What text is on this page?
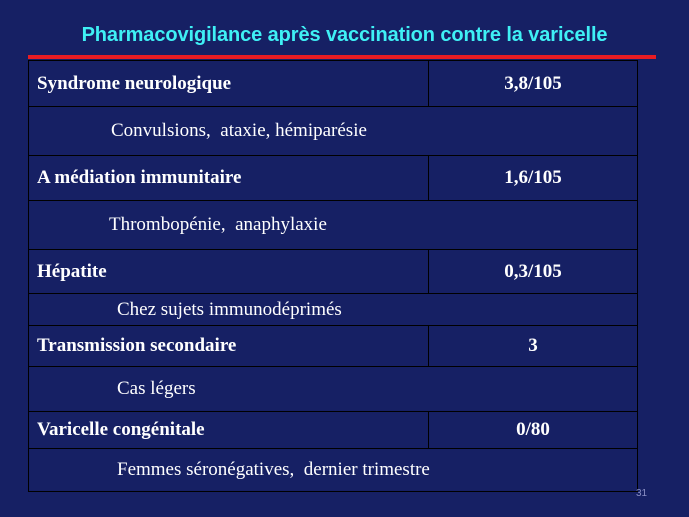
Pharmacovigilance après vaccination contre la varicelle
Syndrome neurologique	3,8/105
Convulsions,  ataxie, hémiparésie
A médiation immunitaire	1,6/105
Thrombopénie,  anaphylaxie
Hépatite	0,3/105
Chez sujets immunodéprimés
Transmission secondaire	3
Cas légers
Varicelle congénitale	0/80
Femmes séronégatives,  dernier trimestre
31
